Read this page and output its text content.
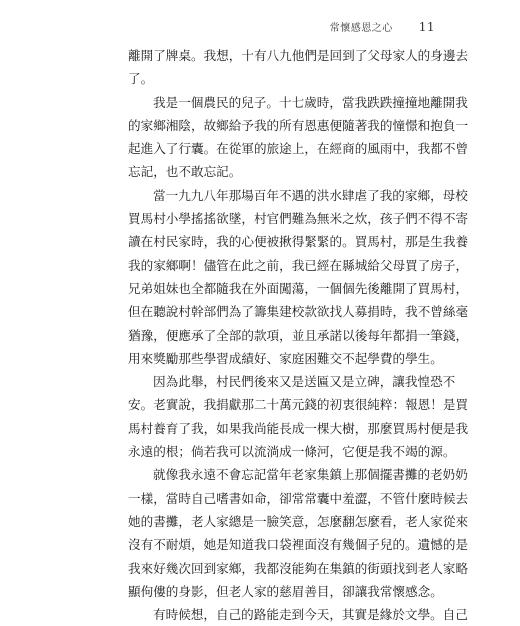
常懷感恩之心 11
離開了牌桌。我想，十有八九他們是回到了父母家人的身邊去
了。
我是一個農民的兒子。十七歲時，當我跌跌撞撞地離開我
的家鄉湘陰，故鄉給予我的所有恩惠便隨著我的憧憬和抱負一
起進入了行囊。在從軍的旅途上，在經商的風雨中，我都不曾
忘記，也不敢忘記。
當一九九八年那場百年不遇的洪水肆虐了我的家鄉，母校
買馬村小學搖搖欲墜，村官們難為無米之炊，孩子們不得不寄
讀在村民家時，我的心便被揪得緊緊的。買馬村，那是生我養
我的家鄉啊！儘管在此之前，我已經在縣城給父母買了房子，
兄弟姐妹也全都隨我在外面闖蕩，一個個先後離開了買馬村，
但在聽說村幹部們為了籌集建校款欲找人募捐時，我不曾絲毫
猶豫，便應承了全部的款項，並且承諾以後每年都捐一筆錢，
用來獎勵那些學習成績好、家庭困難交不起學費的學生。
因為此舉，村民們後來又是送匾又是立碑，讓我惶恐不
安。老實說，我捐獻那二十萬元錢的初衷很純粹：報恩！是買
馬村養育了我，如果我尚能長成一棵大樹，那麼買馬村便是我
永遠的根；倘若我可以流淌成一條河，它便是我不竭的源。
就像我永遠不會忘記當年老家集鎮上那個擺書攤的老奶奶
一樣，當時自己嗜書如命，卻常常囊中羞澀，不管什麼時候去
她的書攤，老人家總是一臉笑意，怎麼翻怎麼看，老人家從來
沒有不耐煩，她是知道我口袋裡面沒有幾個子兒的。遺憾的是
我來好幾次回到家鄉，我都沒能夠在集鎮的街頭找到老人家略
顯佝僂的身影，但老人家的慈眉善目，卻讓我常懷感念。
有時候想，自己的路能走到今天，其實是緣於文學。自己
